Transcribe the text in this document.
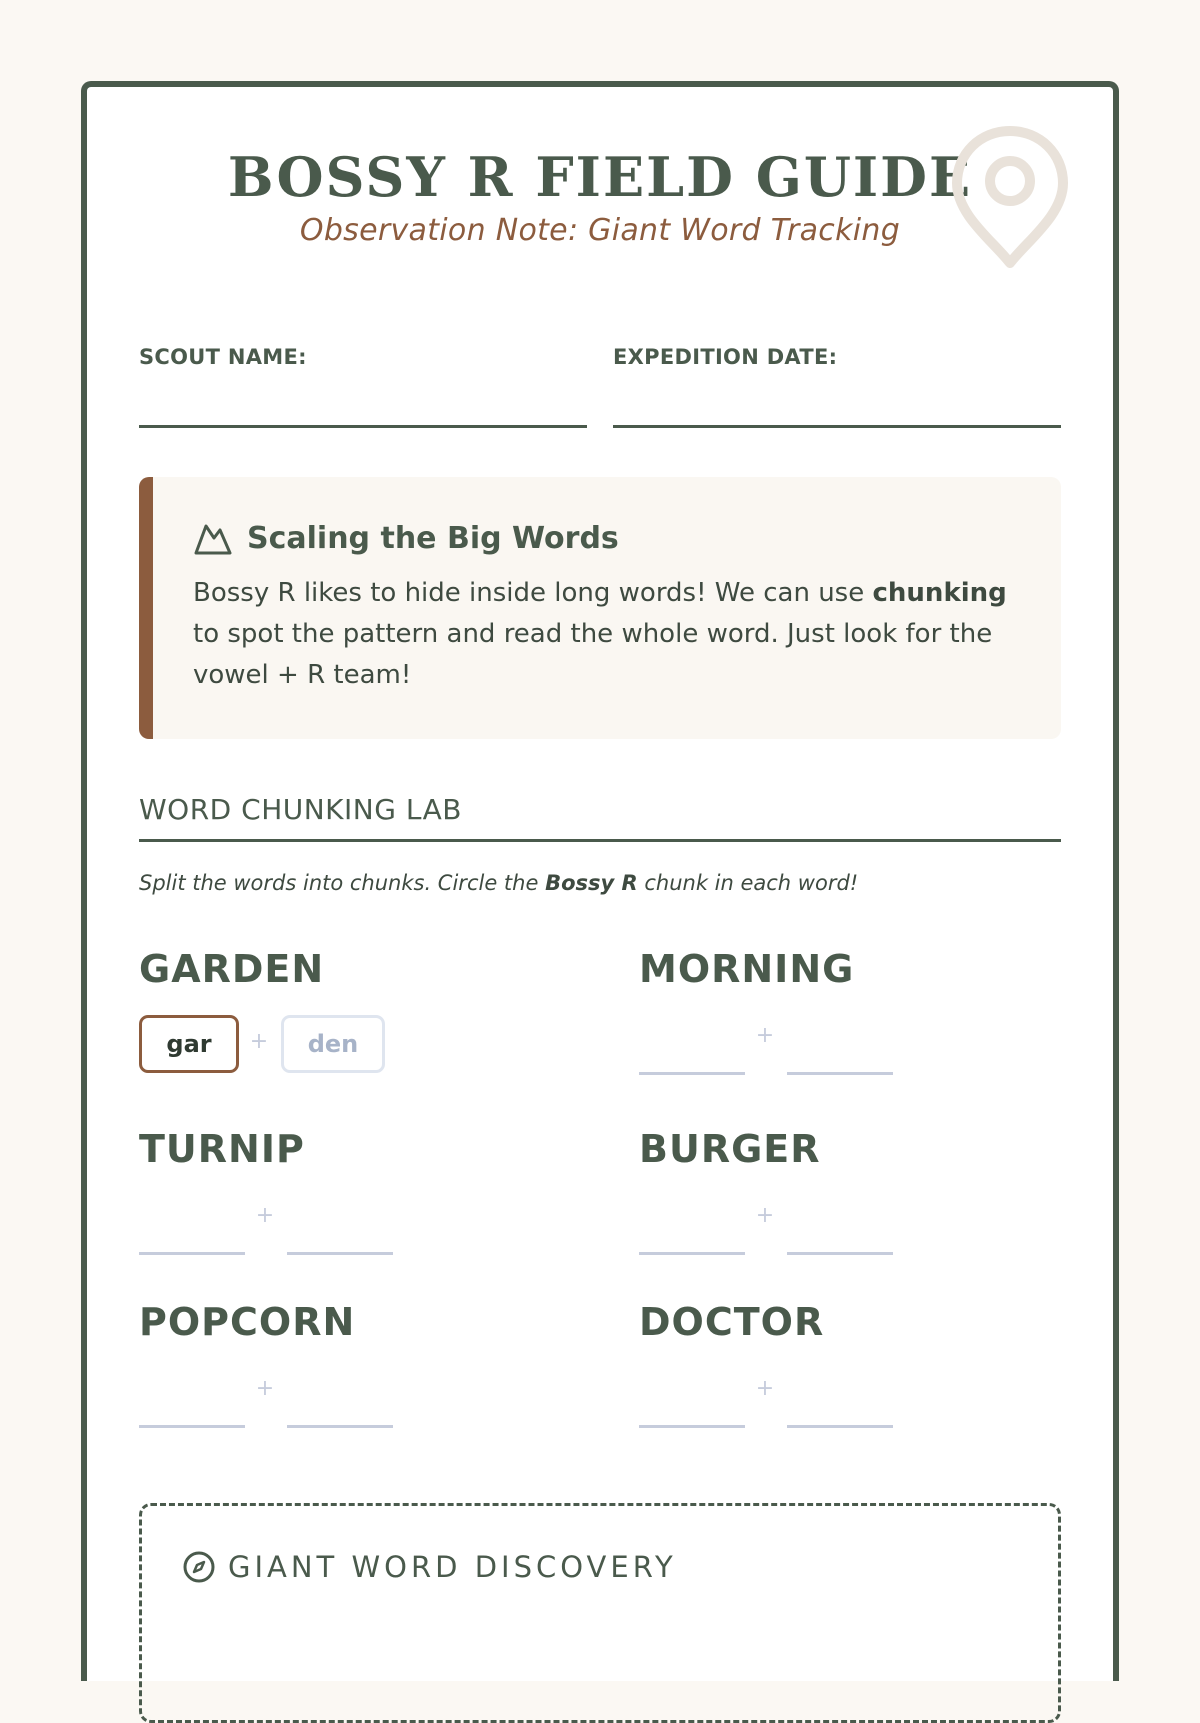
BOSSY R FIELD GUIDE
Observation Note: Giant Word Tracking
SCOUT NAME:	EXPEDITION DATE:
Scaling the Big Words
Bossy R likes to hide inside long words! We can use chunking to spot the pattern and read the whole word. Just look for the vowel + R team!
WORD CHUNKING LAB
Split the words into chunks. Circle the Bossy R chunk in each word!
GARDEN
gar	+	den
MORNING
+
TURNIP
+
BURGER
+
POPCORN
+
DOCTOR
+
GIANT WORD DISCOVERY
